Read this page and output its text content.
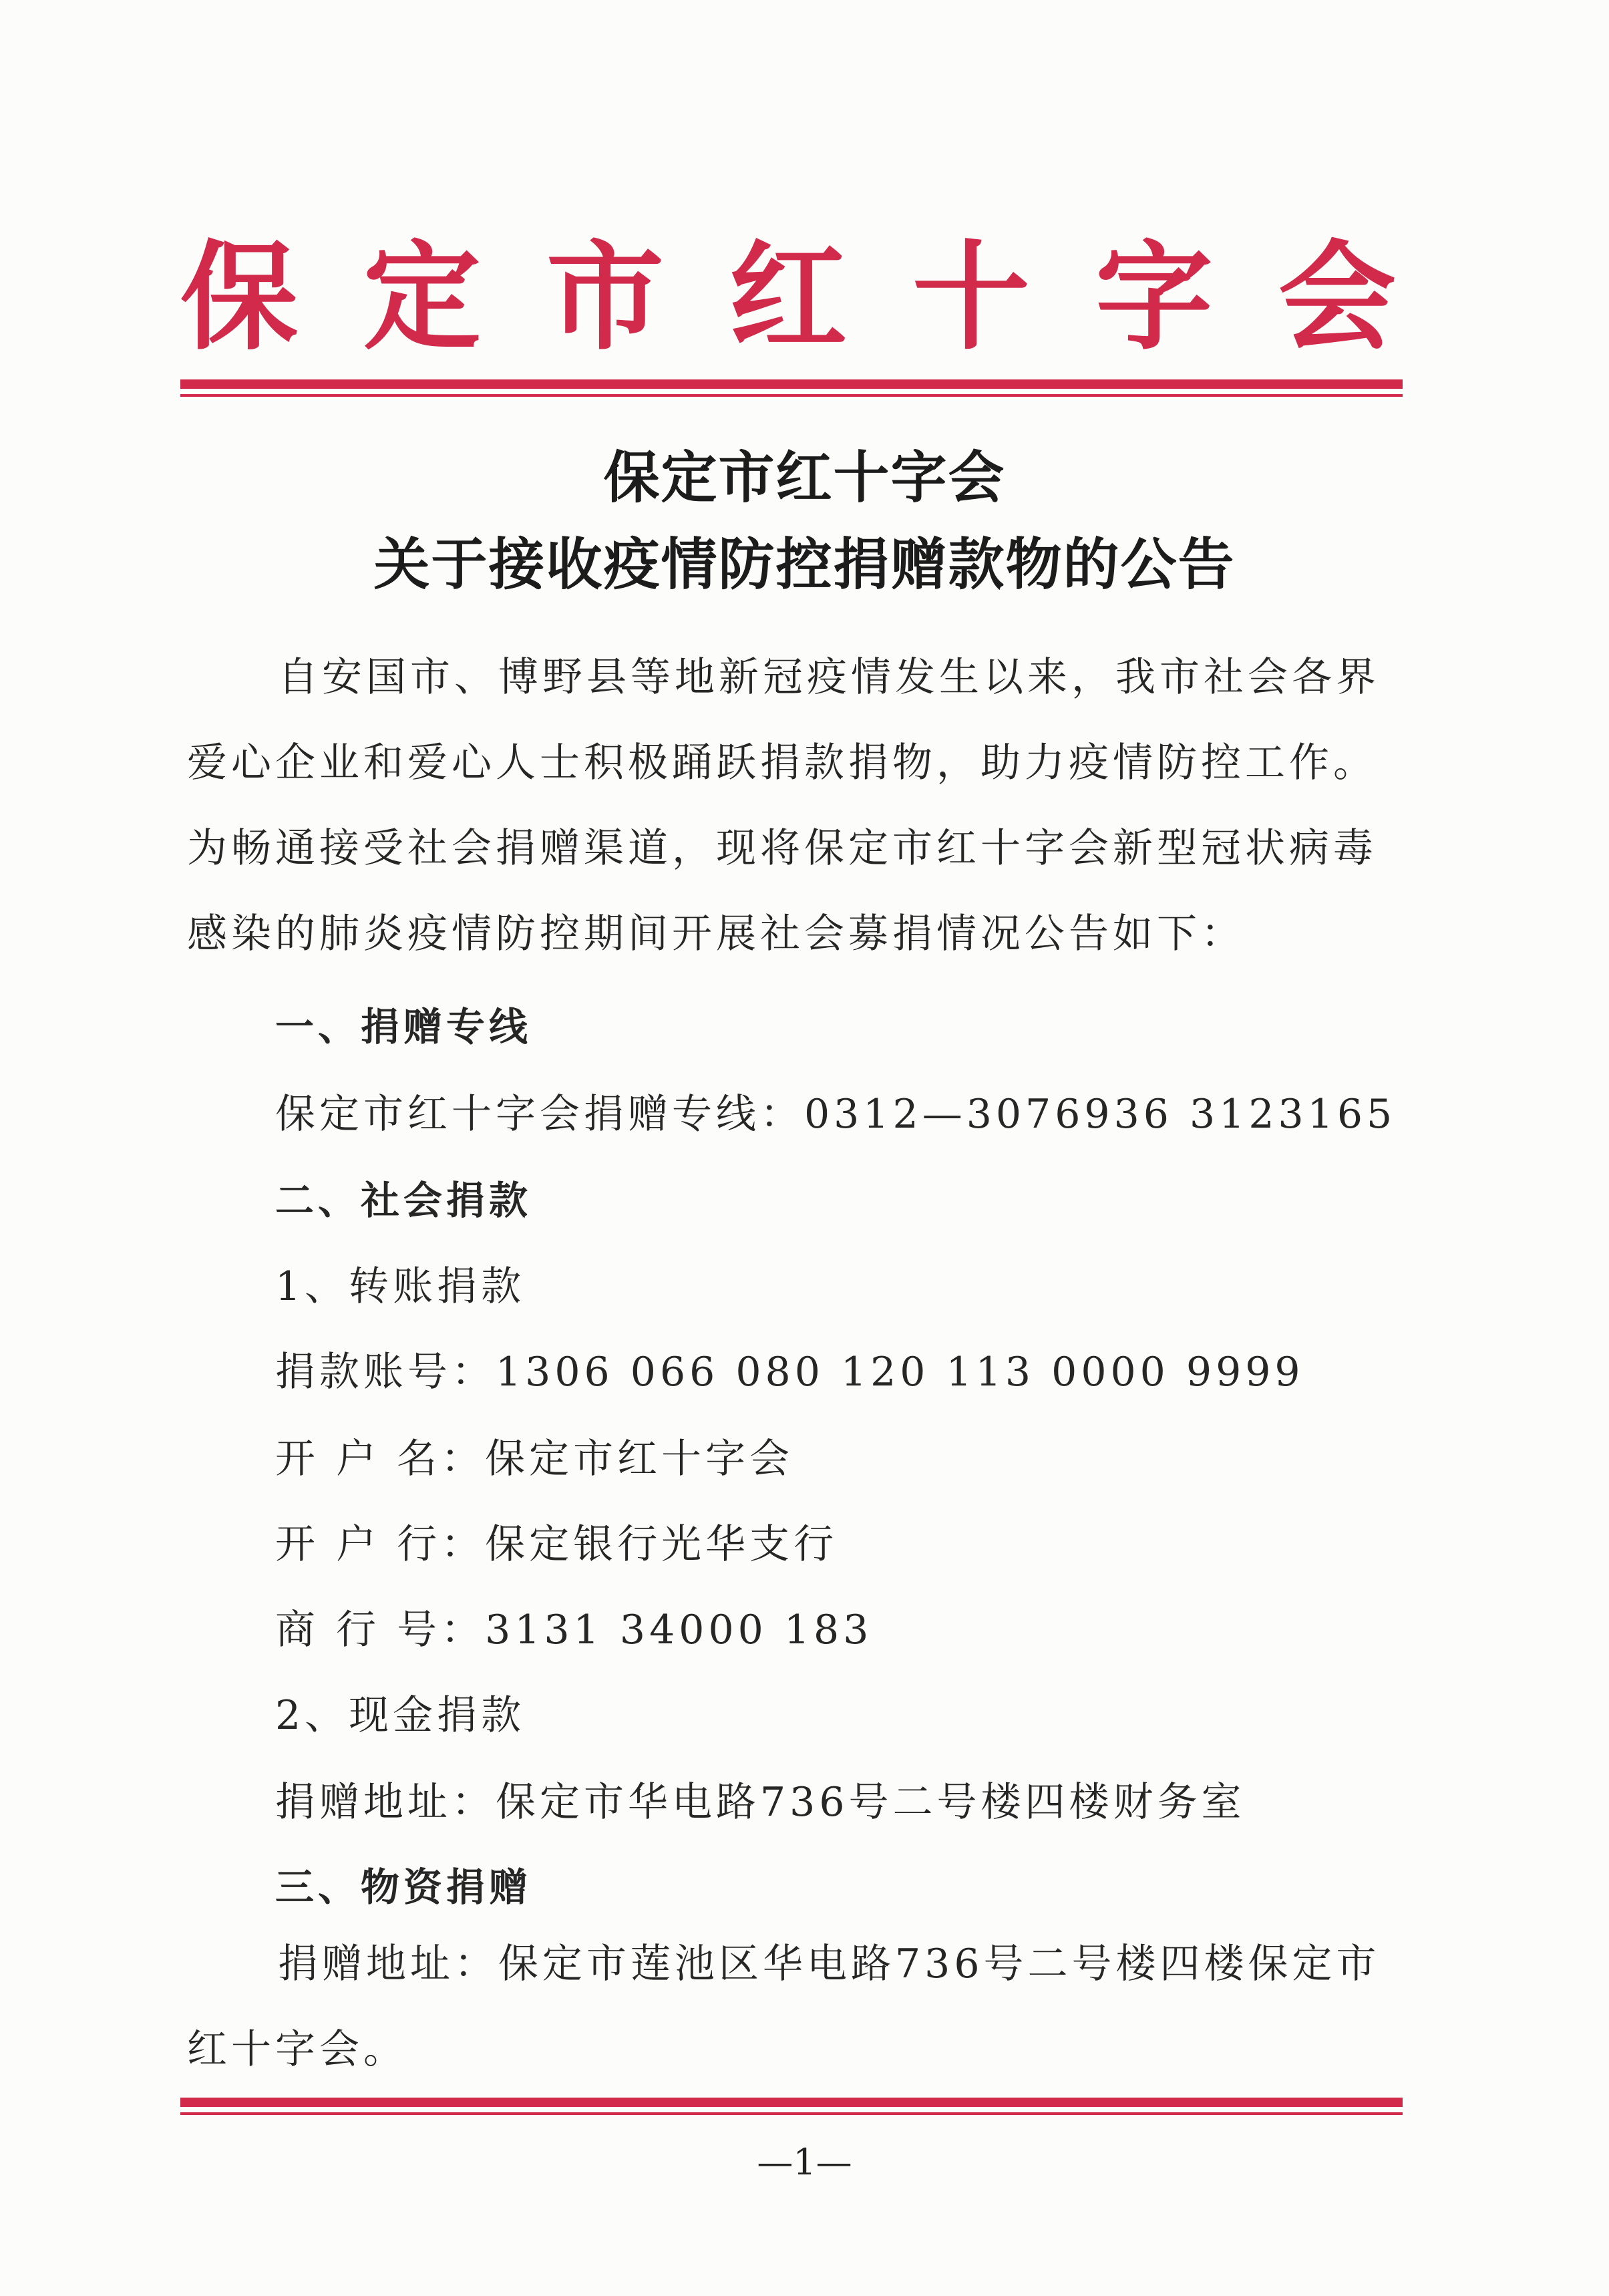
保 定 市 红 十 字 会
保定市红十字会
关于接收疫情防控捐赠款物的公告
自安国市、博野县等地新冠疫情发生以来，我市社会各界爱心企业和爱心人士积极踊跃捐款捐物，助力疫情防控工作。为畅通接受社会捐赠渠道，现将保定市红十字会新型冠状病毒感染的肺炎疫情防控期间开展社会募捐情况公告如下：
一、捐赠专线
保定市红十字会捐赠专线：0312—3076936 3123165
二、社会捐款
1、转账捐款
捐款账号：1306 066 080 120 113 0000 9999
开 户 名：保定市红十字会
开 户 行：保定银行光华支行
商 行 号：3131 34000 183
2、现金捐款
捐赠地址：保定市华电路736号二号楼四楼财务室
三、物资捐赠
捐赠地址：保定市莲池区华电路736号二号楼四楼保定市红十字会。
—1—
